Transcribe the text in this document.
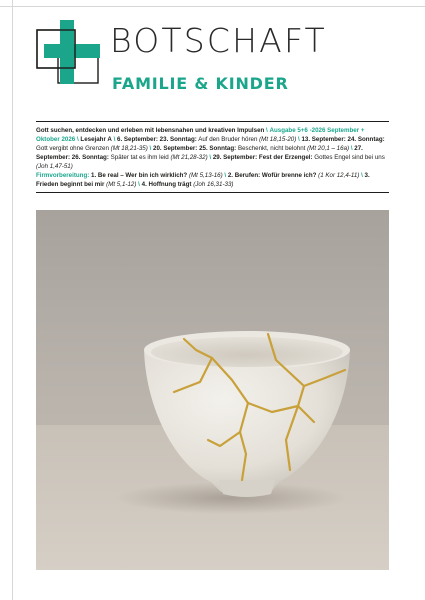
BOTSCHAFT
FAMILIE & KINDER

Gott suchen, entdecken und erleben mit lebensnahen und kreativen Impulsen \ Ausgabe 5+6 -2026 September + Oktober 2026 \ Lesejahr A \ 6. September: 23. Sonntag: Auf den Bruder hören (Mt 18,15-20) \ 13. September: 24. Sonntag: Gott vergibt ohne Grenzen (Mt 18,21-35) \ 20. September: 25. Sonntag: Beschenkt, nicht belohnt (Mt 20,1 – 16a) \ 27. September: 26. Sonntag: Später tat es ihm leid (Mt 21,28-32) \ 29. September: Fest der Erzengel: Gottes Engel sind bei uns (Joh 1,47-51)

Firmvorbereitung: 1. Be real – Wer bin ich wirklich? (Mt 5,13-16) \ 2. Berufen: Wofür brenne ich? (1 Kor 12,4-11) \ 3. Frieden beginnt bei mir (Mt 5,1-12) \ 4. Hoffnung trägt (Joh 16,31-33)
